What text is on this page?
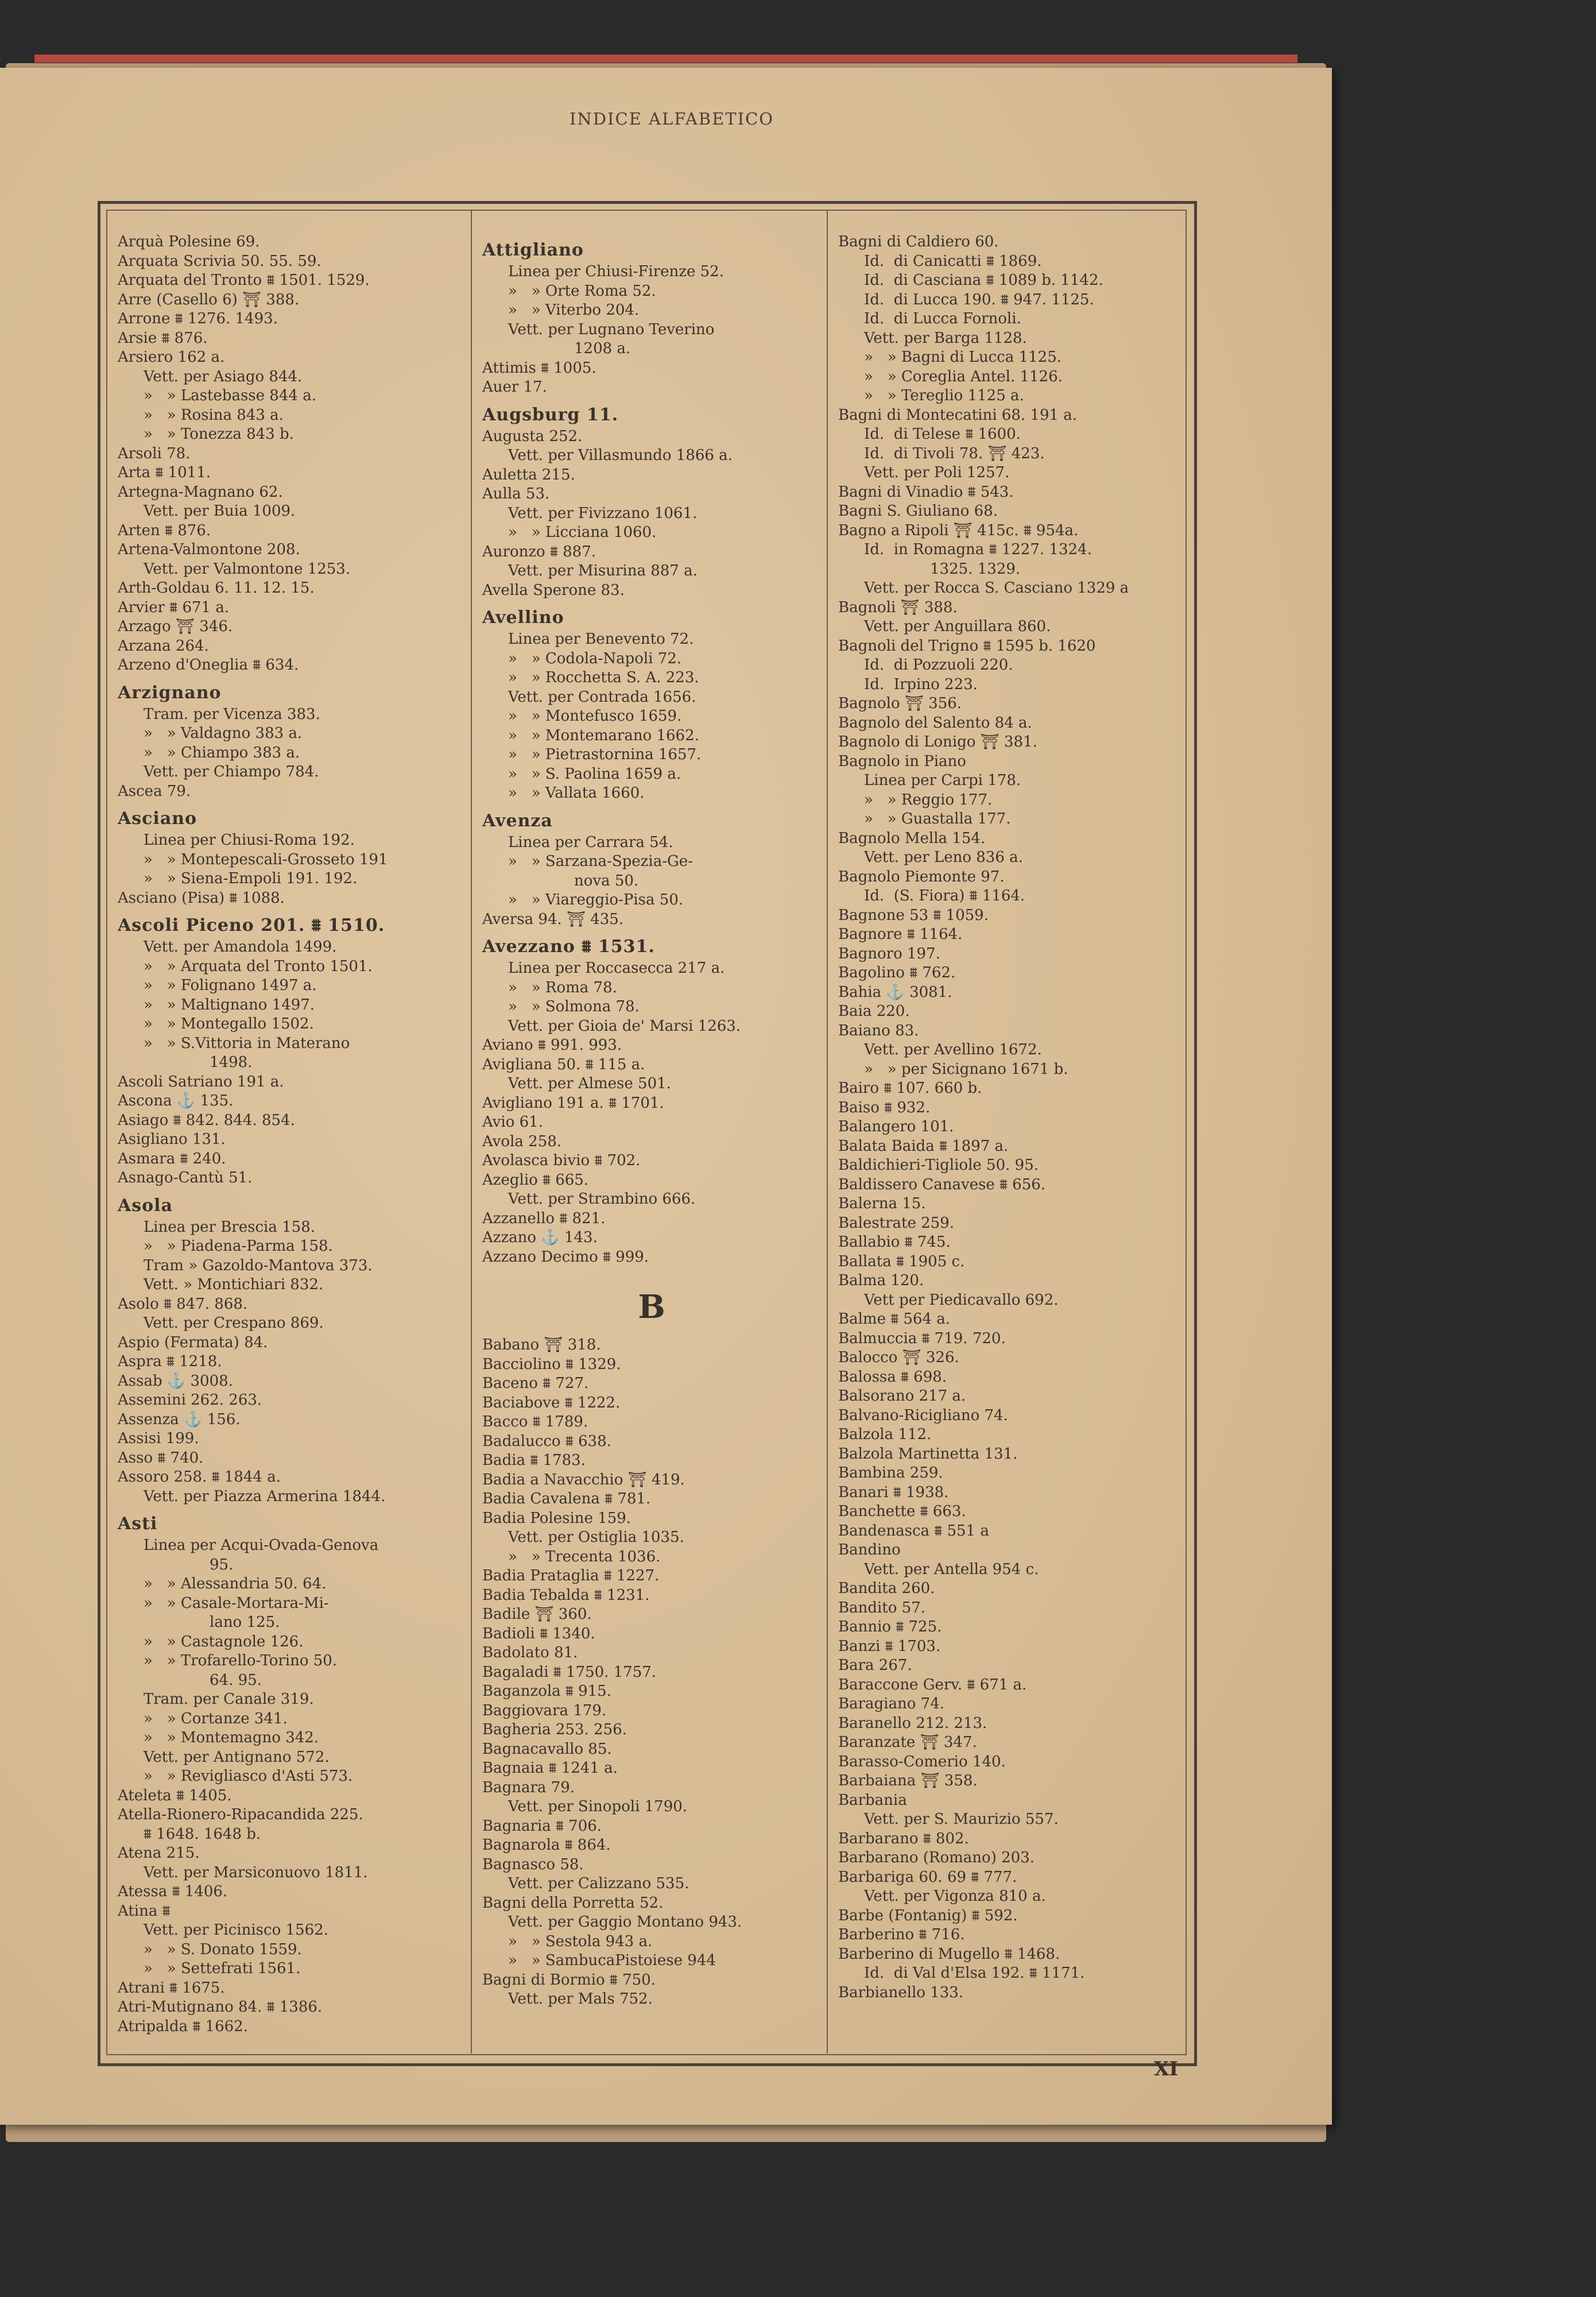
INDICE ALFABETICO
Arquà Polesine 69.
Arquata Scrivia 50. 55. 59.
Arquata del Tronto ⩩ 1501. 1529.
Arre (Casello 6) ⛩ 388.
Arrone ⩩ 1276. 1493.
Arsie ⩩ 876.
Arsiero 162 a.
Vett. per Asiago 844.
»   » Lastebasse 844 a.
»   » Rosina 843 a.
»   » Tonezza 843 b.
Arsoli 78.
Arta ⩩ 1011.
Artegna-Magnano 62.
Vett. per Buia 1009.
Arten ⩩ 876.
Artena-Valmontone 208.
Vett. per Valmontone 1253.
Arth-Goldau 6. 11. 12. 15.
Arvier ⩩ 671 a.
Arzago ⛩ 346.
Arzana 264.
Arzeno d'Oneglia ⩩ 634.
Arzignano
Tram. per Vicenza 383.
»   » Valdagno 383 a.
»   » Chiampo 383 a.
Vett. per Chiampo 784.
Ascea 79.
Asciano
Linea per Chiusi-Roma 192.
»   » Montepescali-Grosseto 191
»   » Siena-Empoli 191. 192.
Asciano (Pisa) ⩩ 1088.
Ascoli Piceno 201. ⩩ 1510.
Vett. per Amandola 1499.
»   » Arquata del Tronto 1501.
»   » Folignano 1497 a.
»   » Maltignano 1497.
»   » Montegallo 1502.
»   » S.Vittoria in Materano
1498.
Ascoli Satriano 191 a.
Ascona ⚓ 135.
Asiago ⩩ 842. 844. 854.
Asigliano 131.
Asmara ⩩ 240.
Asnago-Cantù 51.
Asola
Linea per Brescia 158.
»   » Piadena-Parma 158.
Tram » Gazoldo-Mantova 373.
Vett. » Montichiari 832.
Asolo ⩩ 847. 868.
Vett. per Crespano 869.
Aspio (Fermata) 84.
Aspra ⩩ 1218.
Assab ⚓ 3008.
Assemini 262. 263.
Assenza ⚓ 156.
Assisi 199.
Asso ⩩ 740.
Assoro 258. ⩩ 1844 a.
Vett. per Piazza Armerina 1844.
Asti
Linea per Acqui-Ovada-Genova
95.
»   » Alessandria 50. 64.
»   » Casale-Mortara-Mi-
lano 125.
»   » Castagnole 126.
»   » Trofarello-Torino 50.
64. 95.
Tram. per Canale 319.
»   » Cortanze 341.
»   » Montemagno 342.
Vett. per Antignano 572.
»   » Revigliasco d'Asti 573.
Ateleta ⩩ 1405.
Atella-Rionero-Ripacandida 225.
⩩ 1648. 1648 b.
Atena 215.
Vett. per Marsiconuovo 1811.
Atessa ⩩ 1406.
Atina ⩩
Vett. per Picinisco 1562.
»   » S. Donato 1559.
»   » Settefrati 1561.
Atrani ⩩ 1675.
Atri-Mutignano 84. ⩩ 1386.
Atripalda ⩩ 1662.
Attigliano
Linea per Chiusi-Firenze 52.
»   » Orte Roma 52.
»   » Viterbo 204.
Vett. per Lugnano Teverino
1208 a.
Attimis ⩩ 1005.
Auer 17.
Augsburg 11.
Augusta 252.
Vett. per Villasmundo 1866 a.
Auletta 215.
Aulla 53.
Vett. per Fivizzano 1061.
»   » Licciana 1060.
Auronzo ⩩ 887.
Vett. per Misurina 887 a.
Avella Sperone 83.
Avellino
Linea per Benevento 72.
»   » Codola-Napoli 72.
»   » Rocchetta S. A. 223.
Vett. per Contrada 1656.
»   » Montefusco 1659.
»   » Montemarano 1662.
»   » Pietrastornina 1657.
»   » S. Paolina 1659 a.
»   » Vallata 1660.
Avenza
Linea per Carrara 54.
»   » Sarzana-Spezia-Ge-
nova 50.
»   » Viareggio-Pisa 50.
Aversa 94. ⛩ 435.
Avezzano ⩩ 1531.
Linea per Roccasecca 217 a.
»   » Roma 78.
»   » Solmona 78.
Vett. per Gioia de' Marsi 1263.
Aviano ⩩ 991. 993.
Avigliana 50. ⩩ 115 a.
Vett. per Almese 501.
Avigliano 191 a. ⩩ 1701.
Avio 61.
Avola 258.
Avolasca bivio ⩩ 702.
Azeglio ⩩ 665.
Vett. per Strambino 666.
Azzanello ⩩ 821.
Azzano ⚓ 143.
Azzano Decimo ⩩ 999.
B
Babano ⛩ 318.
Bacciolino ⩩ 1329.
Baceno ⩩ 727.
Baciabove ⩩ 1222.
Bacco ⩩ 1789.
Badalucco ⩩ 638.
Badia ⩩ 1783.
Badia a Navacchio ⛩ 419.
Badia Cavalena ⩩ 781.
Badia Polesine 159.
Vett. per Ostiglia 1035.
»   » Trecenta 1036.
Badia Prataglia ⩩ 1227.
Badia Tebalda ⩩ 1231.
Badile ⛩ 360.
Badioli ⩩ 1340.
Badolato 81.
Bagaladi ⩩ 1750. 1757.
Baganzola ⩩ 915.
Baggiovara 179.
Bagheria 253. 256.
Bagnacavallo 85.
Bagnaia ⩩ 1241 a.
Bagnara 79.
Vett. per Sinopoli 1790.
Bagnaria ⩩ 706.
Bagnarola ⩩ 864.
Bagnasco 58.
Vett. per Calizzano 535.
Bagni della Porretta 52.
Vett. per Gaggio Montano 943.
»   » Sestola 943 a.
»   » SambucaPistoiese 944
Bagni di Bormio ⩩ 750.
Vett. per Mals 752.
Bagni di Caldiero 60.
Id.  di Canicatti ⩩ 1869.
Id.  di Casciana ⩩ 1089 b. 1142.
Id.  di Lucca 190. ⩩ 947. 1125.
Id.  di Lucca Fornoli.
Vett. per Barga 1128.
»   » Bagni di Lucca 1125.
»   » Coreglia Antel. 1126.
»   » Tereglio 1125 a.
Bagni di Montecatini 68. 191 a.
Id.  di Telese ⩩ 1600.
Id.  di Tivoli 78. ⛩ 423.
Vett. per Poli 1257.
Bagni di Vinadio ⩩ 543.
Bagni S. Giuliano 68.
Bagno a Ripoli ⛩ 415c. ⩩ 954a.
Id.  in Romagna ⩩ 1227. 1324.
1325. 1329.
Vett. per Rocca S. Casciano 1329 a
Bagnoli ⛩ 388.
Vett. per Anguillara 860.
Bagnoli del Trigno ⩩ 1595 b. 1620
Id.  di Pozzuoli 220.
Id.  Irpino 223.
Bagnolo ⛩ 356.
Bagnolo del Salento 84 a.
Bagnolo di Lonigo ⛩ 381.
Bagnolo in Piano
Linea per Carpi 178.
»   » Reggio 177.
»   » Guastalla 177.
Bagnolo Mella 154.
Vett. per Leno 836 a.
Bagnolo Piemonte 97.
Id.  (S. Fiora) ⩩ 1164.
Bagnone 53 ⩩ 1059.
Bagnore ⩩ 1164.
Bagnoro 197.
Bagolino ⩩ 762.
Bahia ⚓ 3081.
Baia 220.
Baiano 83.
Vett. per Avellino 1672.
»   » per Sicignano 1671 b.
Bairo ⩩ 107. 660 b.
Baiso ⩩ 932.
Balangero 101.
Balata Baida ⩩ 1897 a.
Baldichieri-Tigliole 50. 95.
Baldissero Canavese ⩩ 656.
Balerna 15.
Balestrate 259.
Ballabio ⩩ 745.
Ballata ⩩ 1905 c.
Balma 120.
Vett per Piedicavallo 692.
Balme ⩩ 564 a.
Balmuccia ⩩ 719. 720.
Balocco ⛩ 326.
Balossa ⩩ 698.
Balsorano 217 a.
Balvano-Ricigliano 74.
Balzola 112.
Balzola Martinetta 131.
Bambina 259.
Banari ⩩ 1938.
Banchette ⩩ 663.
Bandenasca ⩩ 551 a
Bandino
Vett. per Antella 954 c.
Bandita 260.
Bandito 57.
Bannio ⩩ 725.
Banzi ⩩ 1703.
Bara 267.
Baraccone Gerv. ⩩ 671 a.
Baragiano 74.
Baranello 212. 213.
Baranzate ⛩ 347.
Barasso-Comerio 140.
Barbaiana ⛩ 358.
Barbania
Vett. per S. Maurizio 557.
Barbarano ⩩ 802.
Barbarano (Romano) 203.
Barbariga 60. 69 ⩩ 777.
Vett. per Vigonza 810 a.
Barbe (Fontanig) ⩩ 592.
Barberino ⩩ 716.
Barberino di Mugello ⩩ 1468.
Id.  di Val d'Elsa 192. ⩩ 1171.
Barbianello 133.
XI
